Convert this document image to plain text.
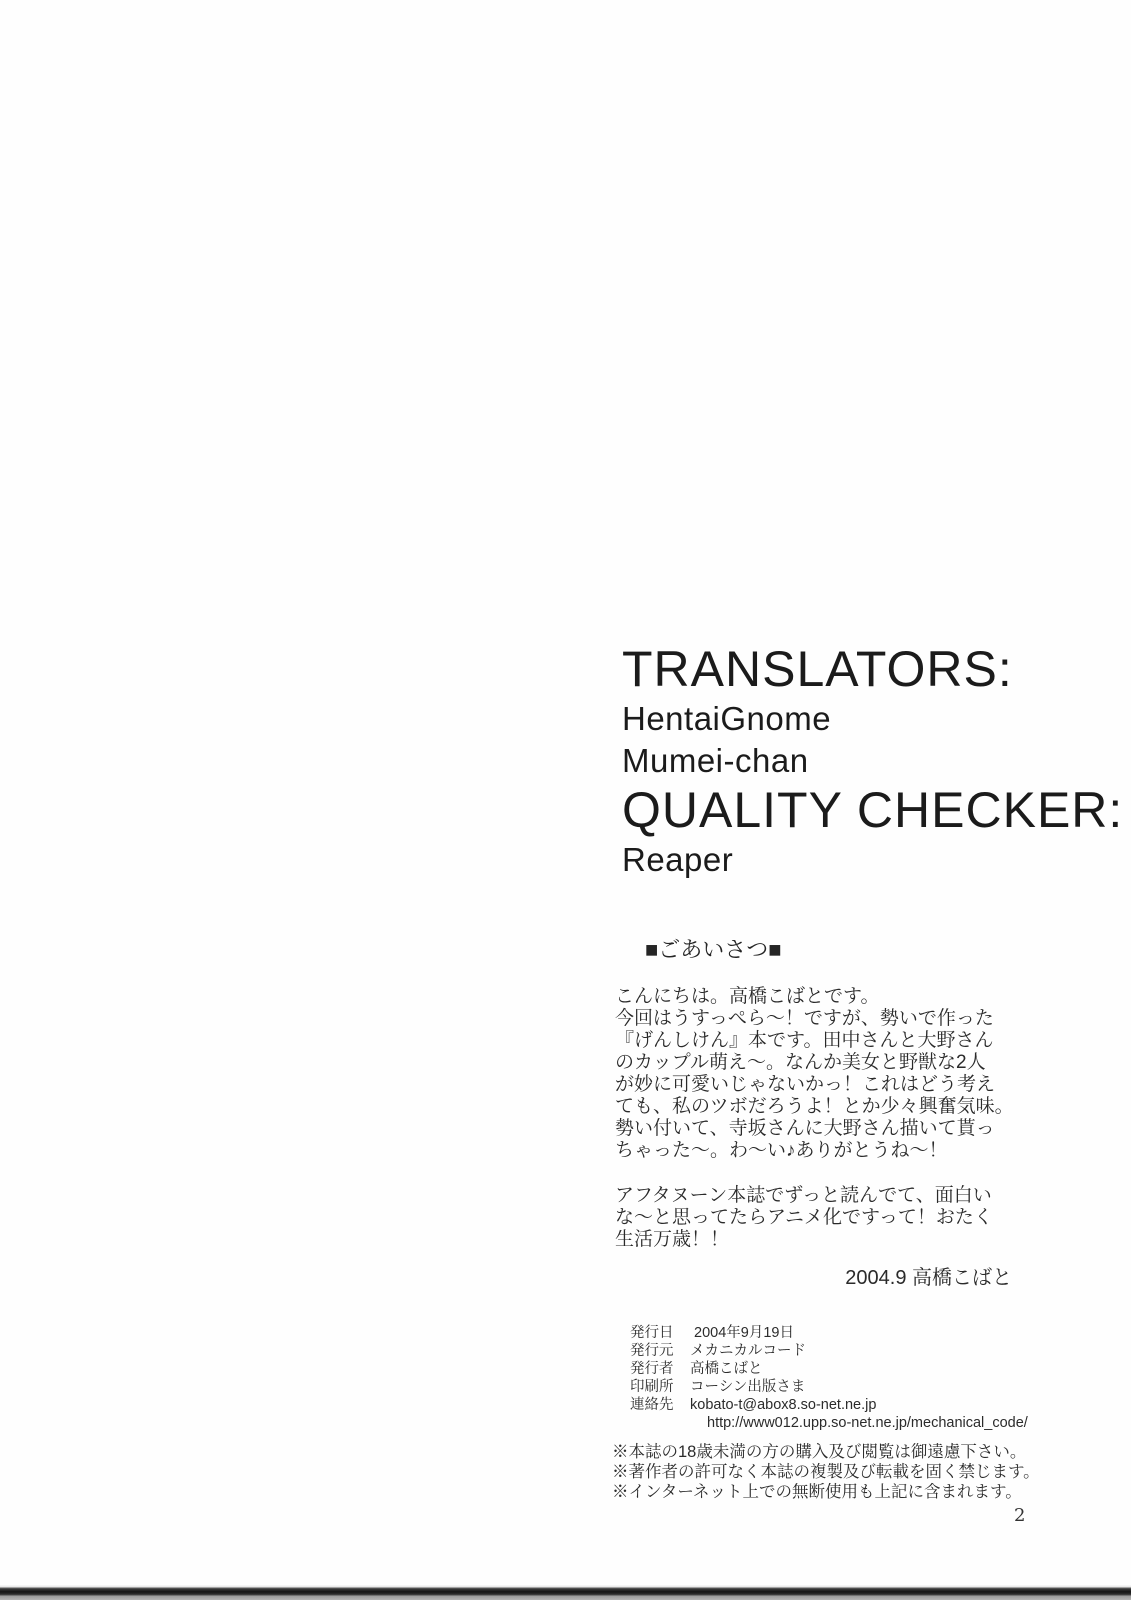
TRANSLATORS:
HentaiGnome
Mumei-chan
QUALITY CHECKER:
Reaper
■ごあいさつ■
こんにちは。高橋こばとです。
今回はうすっぺら～！ですが、勢いで作った
『げんしけん』本です。田中さんと大野さん
のカップル萌え～。なんか美女と野獣な2人
が妙に可愛いじゃないかっ！これはどう考え
ても、私のツボだろうよ！とか少々興奮気味。
勢い付いて、寺坂さんに大野さん描いて貰っ
ちゃった～。わ～い♪ありがとうね～！
アフタヌーン本誌でずっと読んでて、面白い
な～と思ってたらアニメ化ですって！おたく
生活万歳！！
2004.9 高橋こばと
発行日 2004年9月19日
発行元 メカニカルコード
発行者 高橋こばと
印刷所 コーシン出版さま
連絡先 kobato-t@abox8.so-net.ne.jp
http://www012.upp.so-net.ne.jp/mechanical_code/
※本誌の18歳未満の方の購入及び閲覧は御遠慮下さい。
※著作者の許可なく本誌の複製及び転載を固く禁じます。
※インターネット上での無断使用も上記に含まれます。
2
